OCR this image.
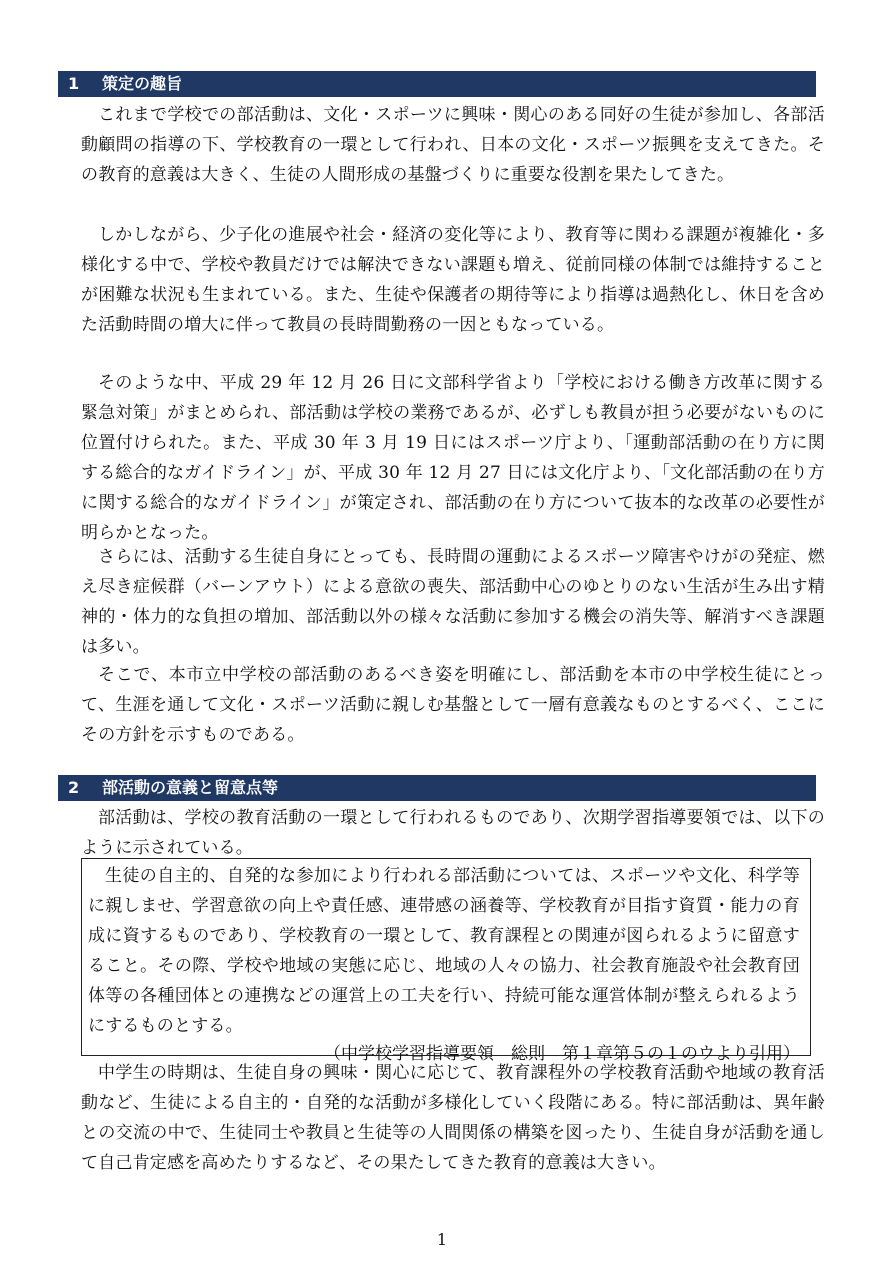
1 策定の趣旨

これまで学校での部活動は、文化・スポーツに興味・関心のある同好の生徒が参加し、各部活動顧問の指導の下、学校教育の一環として行われ、日本の文化・スポーツ振興を支えてきた。その教育的意義は大きく、生徒の人間形成の基盤づくりに重要な役割を果たしてきた。

しかしながら、少子化の進展や社会・経済の変化等により、教育等に関わる課題が複雑化・多様化する中で、学校や教員だけでは解決できない課題も増え、従前同様の体制では維持することが困難な状況も生まれている。また、生徒や保護者の期待等により指導は過熱化し、休日を含めた活動時間の増大に伴って教員の長時間勤務の一因ともなっている。

そのような中、平成 29 年 12 月 26 日に文部科学省より「学校における働き方改革に関する緊急対策」がまとめられ、部活動は学校の業務であるが、必ずしも教員が担う必要がないものに位置付けられた。また、平成 30 年 3 月 19 日にはスポーツ庁より、「運動部活動の在り方に関する総合的なガイドライン」が、平成 30 年 12 月 27 日には文化庁より、「文化部活動の在り方に関する総合的なガイドライン」が策定され、部活動の在り方について抜本的な改革の必要性が明らかとなった。

さらには、活動する生徒自身にとっても、長時間の運動によるスポーツ障害やけがの発症、燃え尽き症候群（バーンアウト）による意欲の喪失、部活動中心のゆとりのない生活が生み出す精神的・体力的な負担の増加、部活動以外の様々な活動に参加する機会の消失等、解消すべき課題は多い。

そこで、本市立中学校の部活動のあるべき姿を明確にし、部活動を本市の中学校生徒にとって、生涯を通して文化・スポーツ活動に親しむ基盤として一層有意義なものとするべく、ここにその方針を示すものである。

2 部活動の意義と留意点等

部活動は、学校の教育活動の一環として行われるものであり、次期学習指導要領では、以下のように示されている。

生徒の自主的、自発的な参加により行われる部活動については、スポーツや文化、科学等に親しませ、学習意欲の向上や責任感、連帯感の涵養等、学校教育が目指す資質・能力の育成に資するものであり、学校教育の一環として、教育課程との関連が図られるように留意すること。その際、学校や地域の実態に応じ、地域の人々の協力、社会教育施設や社会教育団体等の各種団体との連携などの運営上の工夫を行い、持続可能な運営体制が整えられるようにするものとする。

（中学校学習指導要領　総則　第１章第５の１のウより引用）

中学生の時期は、生徒自身の興味・関心に応じて、教育課程外の学校教育活動や地域の教育活動など、生徒による自主的・自発的な活動が多様化していく段階にある。特に部活動は、異年齢との交流の中で、生徒同士や教員と生徒等の人間関係の構築を図ったり、生徒自身が活動を通して自己肯定感を高めたりするなど、その果たしてきた教育的意義は大きい。

1
